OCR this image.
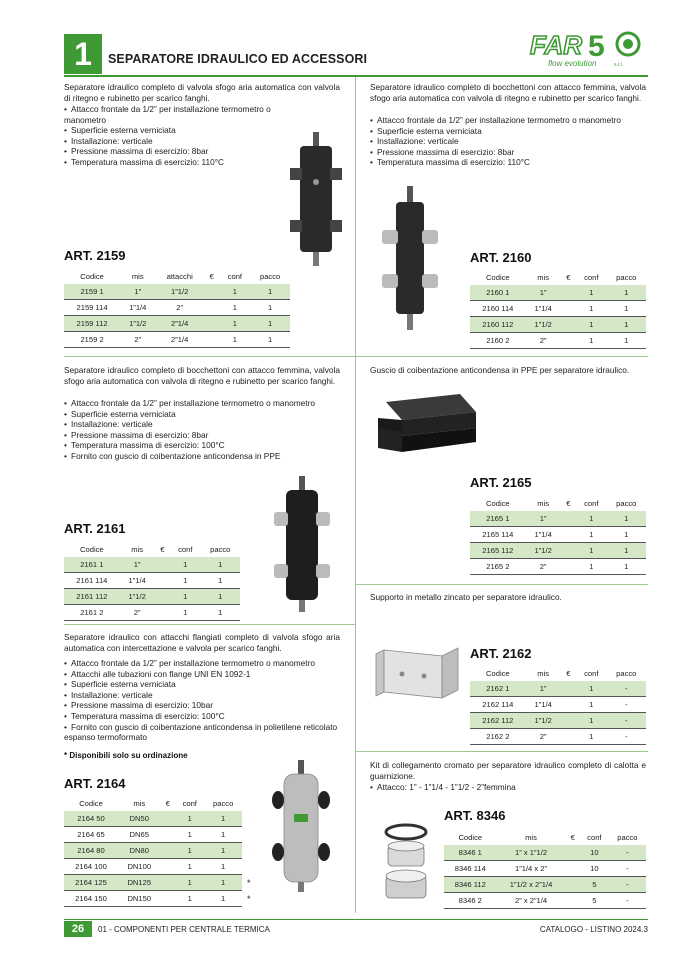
1	SEPARATORE IDRAULICO ED ACCESSORI	FAR 5
flow evolution	s.r.l.
Separatore idraulico completo di valvola sfogo aria automatica con valvola di ritegno e rubinetto per scarico fanghi.
• Attacco frontale da 1/2” per installazione termometro o manometro
• Superficie esterna verniciata
• Installazione: verticale
• Pressione massima di esercizio: 8bar
• Temperatura massima di esercizio: 110°C
ART. 2159
Codice	mis	attacchi	€	conf	pacco
2159 1	1”	1”1/2		1	1
2159 114	1”1/4	2”		1	1
2159 112	1”1/2	2”1/4		1	1
2159 2	2”	2”1/4		1	1
Separatore idraulico completo di bocchettoni con attacco femmina, valvola sfogo aria automatica con valvola di ritegno e rubinetto per scarico fanghi.
• Attacco frontale da 1/2” per installazione termometro o manometro
• Superficie esterna verniciata
• Installazione: verticale
• Pressione massima di esercizio: 8bar
• Temperatura massima di esercizio: 110°C
ART. 2160
Codice	mis	€	conf	pacco
2160 1	1”		1	1
2160 114	1”1/4		1	1
2160 112	1”1/2		1	1
2160 2	2”		1	1
Separatore idraulico completo di bocchettoni con attacco femmina, valvola sfogo aria automatica con valvola di ritegno e rubinetto per scarico fanghi.
• Attacco frontale da 1/2” per installazione termometro o manometro
• Superficie esterna verniciata
• Installazione: verticale
• Pressione massima di esercizio: 8bar
• Temperatura massima di esercizio: 100°C
• Fornito con guscio di coibentazione anticondensa in PPE
ART. 2161
Codice	mis	€	conf	pacco
2161 1	1”		1	1
2161 114	1”1/4		1	1
2161 112	1”1/2		1	1
2161 2	2”		1	1
Guscio di coibentazione anticondensa in PPE per separatore idraulico.
ART. 2165
Codice	mis	€	conf	pacco
2165 1	1”		1	1
2165 114	1”1/4		1	1
2165 112	1”1/2		1	1
2165 2	2”		1	1
Supporto in metallo zincato per separatore idraulico.
ART. 2162
Codice	mis	€	conf	pacco
2162 1	1”		1	-
2162 114	1”1/4		1	-
2162 112	1”1/2		1	-
2162 2	2”		1	-
Separatore idraulico con attacchi flangiati completo di valvola sfogo aria automatica con intercettazione e valvola per scarico fanghi.
• Attacco frontale da 1/2” per installazione termometro o manometro
• Attacchi alle tubazioni con flange UNI EN 1092-1
• Superficie esterna verniciata
• Installazione: verticale
• Pressione massima di esercizio: 10bar
• Temperatura massima di esercizio: 100°C
• Fornito con guscio di coibentazione anticondensa in polietilene reticolato espanso termoformato
* Disponibili solo su ordinazione
ART. 2164
Codice	mis	€	conf	pacco
2164 50	DN50		1	1
2164 65	DN65		1	1
2164 80	DN80		1	1
2164 100	DN100		1	1
2164 125	DN125		1	1
2164 150	DN150		1	1
*
*
Kit di collegamento cromato per separatore idraulico completo di calotta e guarnizione.
• Attacco: 1” - 1”1/4 - 1”1/2 - 2”femmina
ART. 8346
Codice	mis	€	conf	pacco
8346 1	1” x 1”1/2		10	-
8346 114	1”1/4 x 2”		10	-
8346 112	1”1/2 x 2”1/4		5	-
8346 2	2” x 2”1/4		5	-
26	01 - COMPONENTI PER CENTRALE TERMICA	CATALOGO - LISTINO 2024.3
